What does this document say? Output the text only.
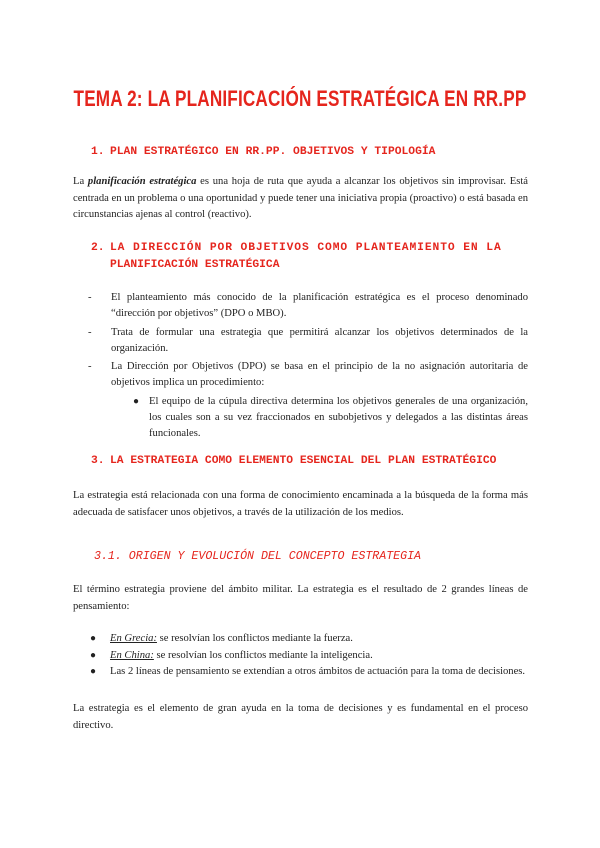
TEMA 2: LA PLANIFICACIÓN ESTRATÉGICA EN RR.PP
1. PLAN ESTRATÉGICO EN RR.PP. OBJETIVOS Y TIPOLOGÍA
La planificación estratégica es una hoja de ruta que ayuda a alcanzar los objetivos sin improvisar. Está centrada en un problema o una oportunidad y puede tener una iniciativa propia (proactivo) o está basada en circunstancias ajenas al control (reactivo).
2. LA DIRECCIÓN POR OBJETIVOS COMO PLANTEAMIENTO EN LA
PLANIFICACIÓN ESTRATÉGICA
- El planteamiento más conocido de la planificación estratégica es el proceso denominado “dirección por objetivos” (DPO o MBO).
- Trata de formular una estrategia que permitirá alcanzar los objetivos determinados de la organización.
- La Dirección por Objetivos (DPO) se basa en el principio de la no asignación autoritaria de objetivos implica un procedimiento:
● El equipo de la cúpula directiva determina los objetivos generales de una organización, los cuales son a su vez fraccionados en subobjetivos y delegados a las distintas áreas funcionales.
3. LA ESTRATEGIA COMO ELEMENTO ESENCIAL DEL PLAN ESTRATÉGICO
La estrategia está relacionada con una forma de conocimiento encaminada a la búsqueda de la forma más adecuada de satisfacer unos objetivos, a través de la utilización de los medios.
3.1. ORIGEN Y EVOLUCIÓN DEL CONCEPTO ESTRATEGIA
El término estrategia proviene del ámbito militar. La estrategia es el resultado de 2 grandes líneas de pensamiento:
● En Grecia: se resolvían los conflictos mediante la fuerza.
● En China: se resolvían los conflictos mediante la inteligencia.
● Las 2 líneas de pensamiento se extendían a otros ámbitos de actuación para la toma de decisiones.
La estrategia es el elemento de gran ayuda en la toma de decisiones y es fundamental en el proceso directivo.
